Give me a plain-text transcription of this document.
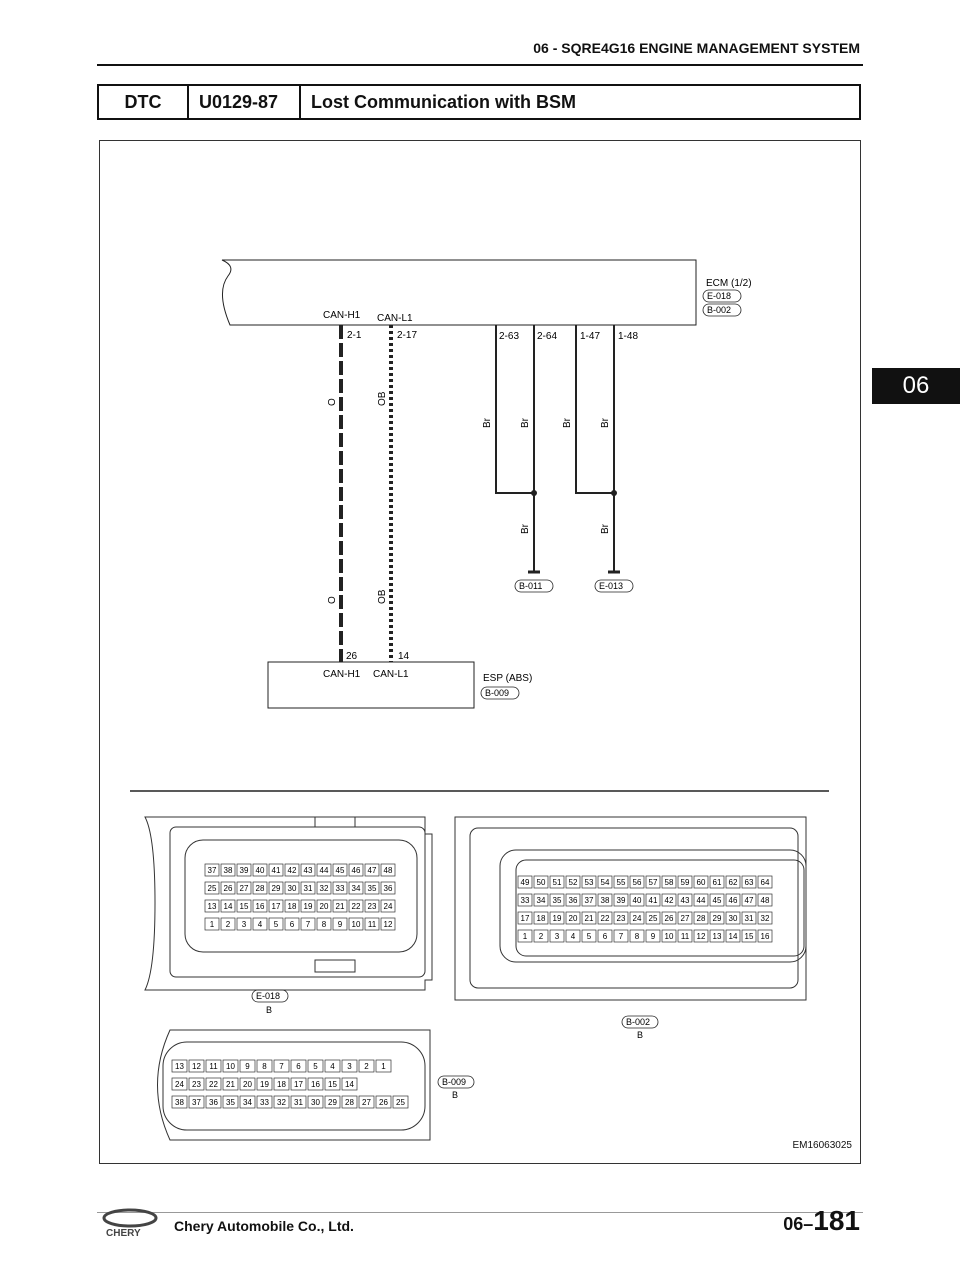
06 - SQRE4G16 ENGINE MANAGEMENT SYSTEM
06
DTC	U0129-87	Lost Communication with BSM
ECM (1/2)
E-018
B-002
CAN-H1 CAN-L1
2-1	2-17	2-63 2-64 1-47 1-48
O	OB
O	OB
Br	Br	Br	Br
Br	Br
B-011	E-013
26	14
CAN-H1 CAN-L1	ESP (ABS)
B-009
37 38 39 40 41 42 43 44 45 46 47 48
25 26 27 28 29 30 31 32 33 34 35 36
13 14 15 16 17 18 19 20 21 22 23 24
1 2 3 4 5 6 7 8 9 10 11 12
E-018
B
49 50 51 52 53 54 55 56 57 58 59 60 61 62 63 64
33 34 35 36 37 38 39 40 41 42 43 44 45 46 47 48
17 18 19 20 21 22 23 24 25 26 27 28 29 30 31 32
1 2 3 4 5 6 7 8 9 10 11 12 13 14 15 16
B-002
B
13 12 11 10 9 8 7 6 5 4 3 2 1
24 23 22 21 20 19 18 17 16 15 14
38 37 36 35 34 33 32 31 30 29 28 27 26 25
B-009
B
EM16063025
CHERY Chery Automobile Co., Ltd.	06–181
